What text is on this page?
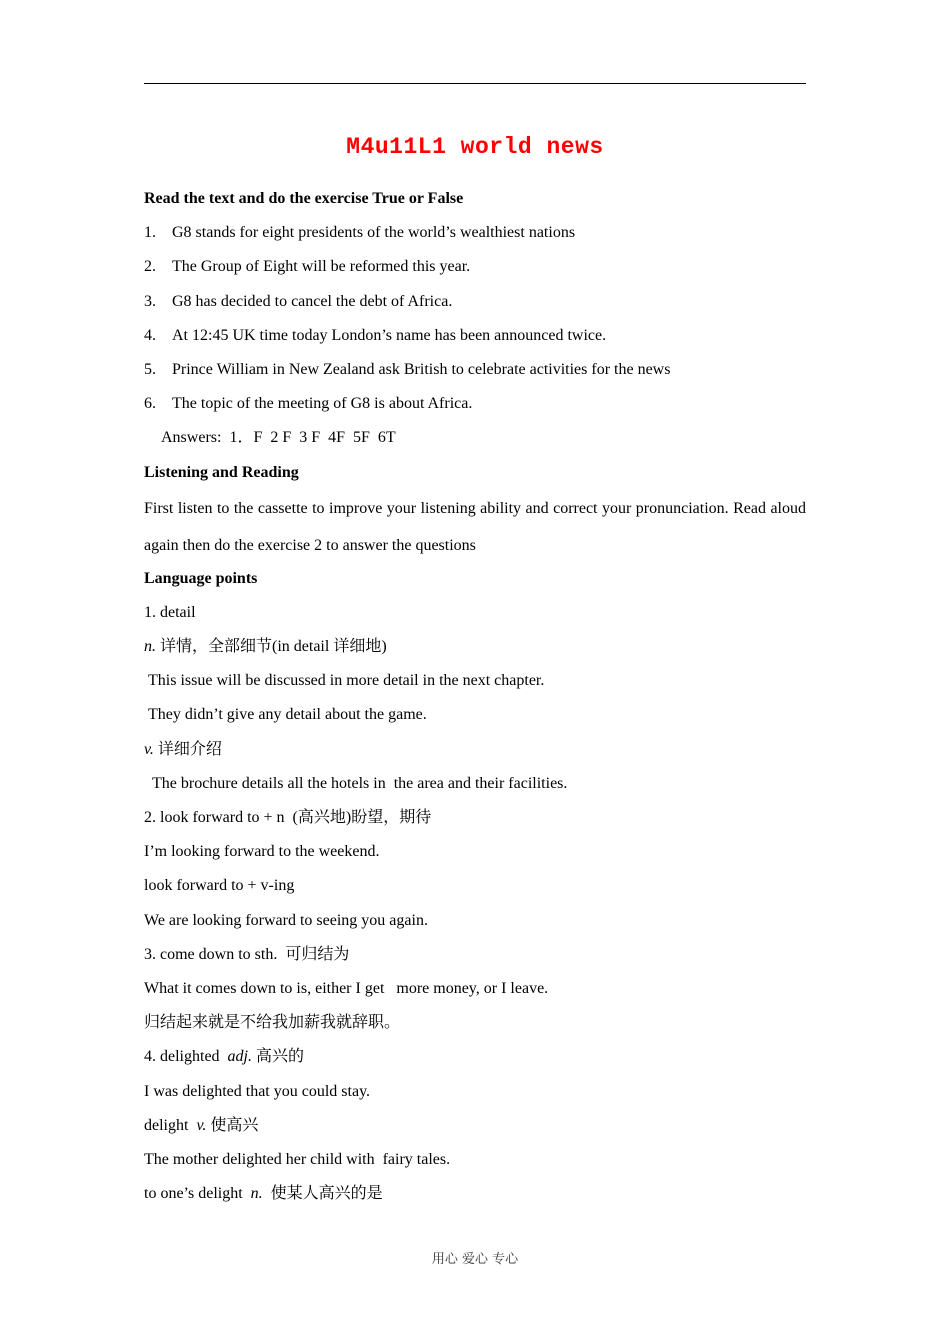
M4u11L1 world news
Read the text and do the exercise True or False
1. G8 stands for eight presidents of the world’s wealthiest nations
2. The Group of Eight will be reformed this year.
3. G8 has decided to cancel the debt of Africa.
4. At 12:45 UK time today London’s name has been announced twice.
5. Prince William in New Zealand ask British to celebrate activities for the news
6. The topic of the meeting of G8 is about Africa.
Answers:  1．F  2 F  3 F  4F  5F  6T
Listening and Reading
First listen to the cassette to improve your listening ability and correct your pronunciation. Read aloud again then do the exercise 2 to answer the questions
Language points
1. detail
n. 详情，全部细节(in detail 详细地)
This issue will be discussed in more detail in the next chapter.
They didn’t give any detail about the game.
v. 详细介绍
The brochure details all the hotels in  the area and their facilities.
2. look forward to + n  (高兴地)盼望，期待
I’m looking forward to the weekend.
look forward to + v-ing
We are looking forward to seeing you again.
3. come down to sth.  可归结为
What it comes down to is, either I get   more money, or I leave.
归结起来就是不给我加薪我就辞职。
4. delighted  adj. 高兴的
I was delighted that you could stay.
delight  v. 使高兴
The mother delighted her child with  fairy tales.
to one’s delight  n.  使某人高兴的是
用心 爱心 专心
